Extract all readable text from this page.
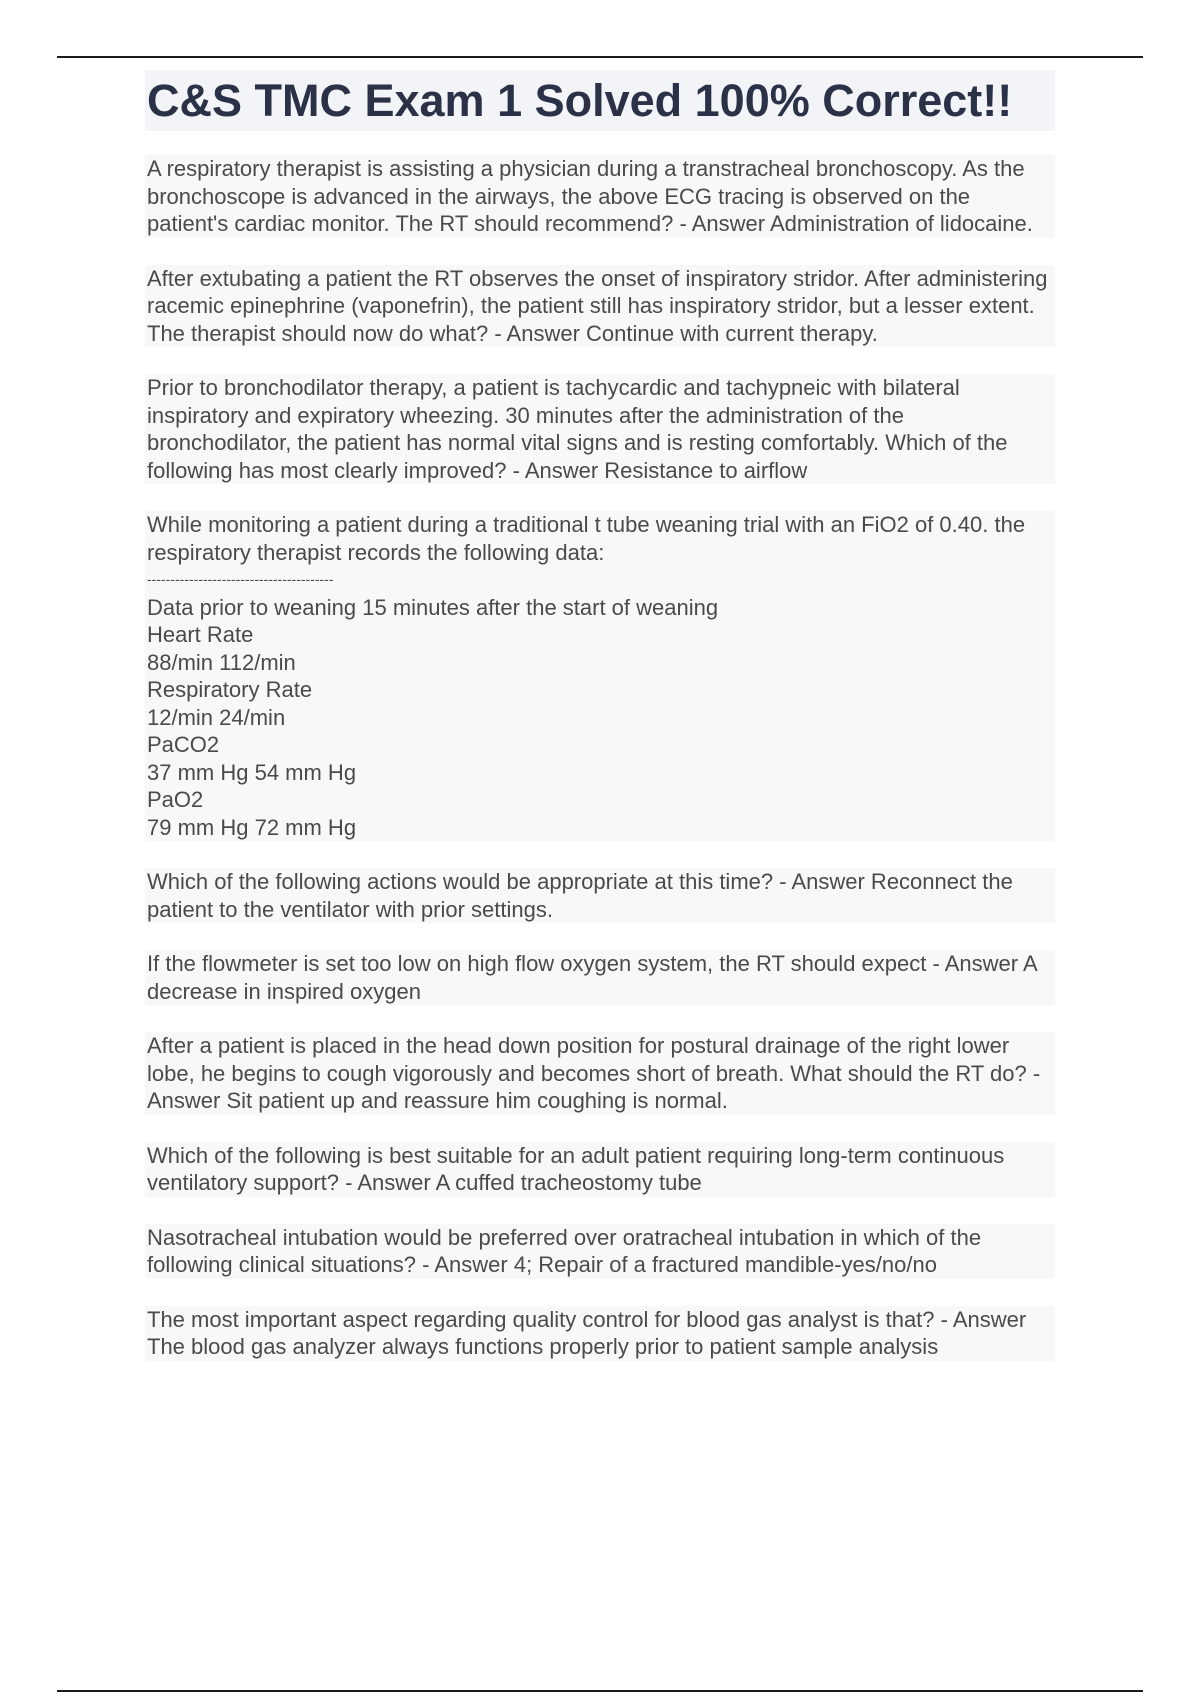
C&S TMC Exam 1 Solved 100% Correct!!

A respiratory therapist is assisting a physician during a transtracheal bronchoscopy. As the bronchoscope is advanced in the airways, the above ECG tracing is observed on the patient's cardiac monitor. The RT should recommend? - Answer Administration of lidocaine.

After extubating a patient the RT observes the onset of inspiratory stridor. After administering racemic epinephrine (vaponefrin), the patient still has inspiratory stridor, but a lesser extent. The therapist should now do what? - Answer Continue with current therapy.

Prior to bronchodilator therapy, a patient is tachycardic and tachypneic with bilateral inspiratory and expiratory wheezing. 30 minutes after the administration of the bronchodilator, the patient has normal vital signs and is resting comfortably. Which of the following has most clearly improved? - Answer Resistance to airflow

While monitoring a patient during a traditional t tube weaning trial with an FiO2 of 0.40. the respiratory therapist records the following data:
----------------------------------------
Data prior to weaning 15 minutes after the start of weaning
Heart Rate
88/min 112/min
Respiratory Rate
12/min 24/min
PaCO2
37 mm Hg 54 mm Hg
PaO2
79 mm Hg 72 mm Hg

Which of the following actions would be appropriate at this time? - Answer Reconnect the patient to the ventilator with prior settings.

If the flowmeter is set too low on high flow oxygen system, the RT should expect - Answer A decrease in inspired oxygen

After a patient is placed in the head down position for postural drainage of the right lower lobe, he begins to cough vigorously and becomes short of breath. What should the RT do? - Answer Sit patient up and reassure him coughing is normal.

Which of the following is best suitable for an adult patient requiring long-term continuous ventilatory support? - Answer A cuffed tracheostomy tube

Nasotracheal intubation would be preferred over oratracheal intubation in which of the following clinical situations? - Answer 4; Repair of a fractured mandible-yes/no/no

The most important aspect regarding quality control for blood gas analyst is that? - Answer The blood gas analyzer always functions properly prior to patient sample analysis
